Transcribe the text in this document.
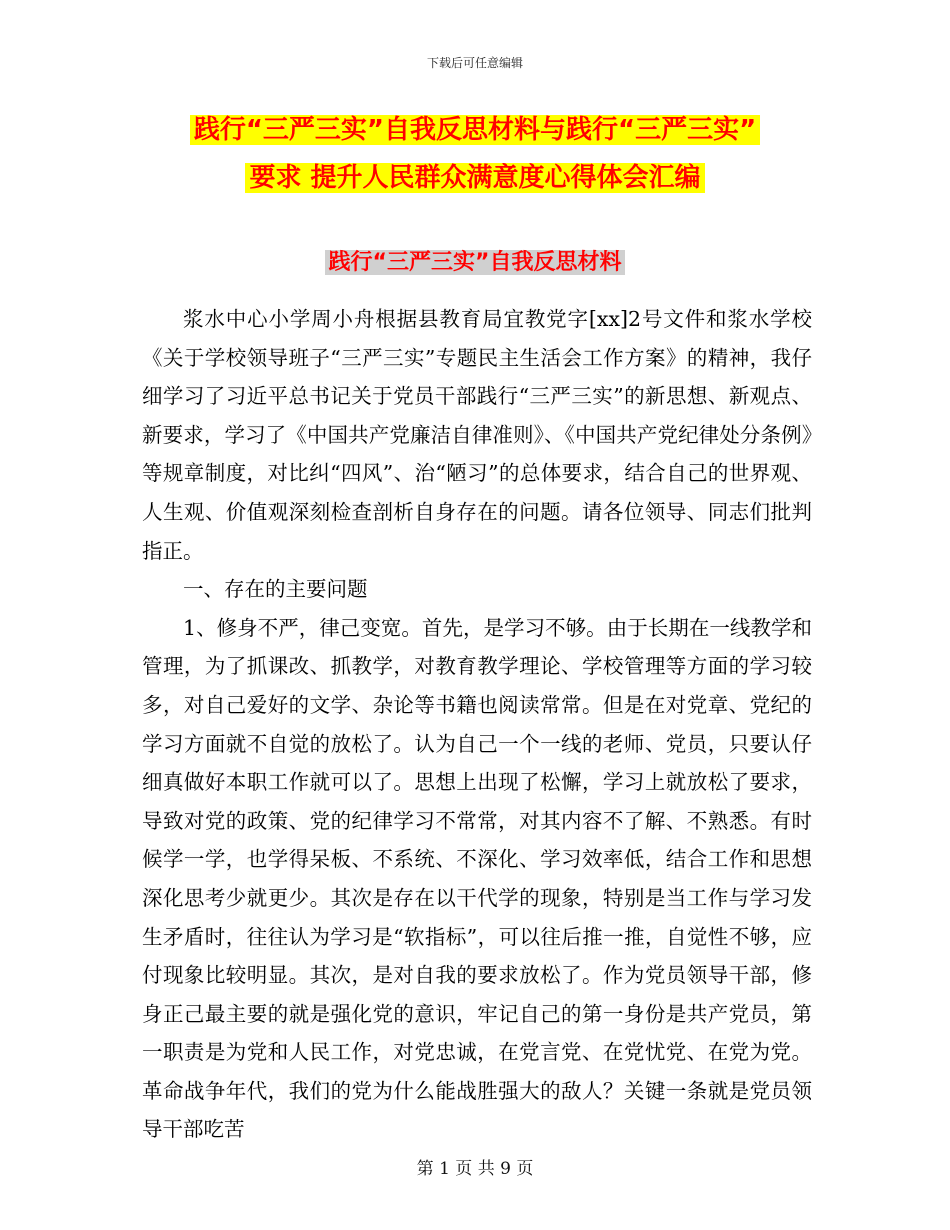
下载后可任意编辑
践行“三严三实”自我反思材料与践行“三严三实”
要求 提升人民群众满意度心得体会汇编
践行“三严三实”自我反思材料

浆水中心小学周小舟根据县教育局宜教党字[xx]2号文件和浆水学校《关于学校领导班子“三严三实”专题民主生活会工作方案》的精神，我仔细学习了习近平总书记关于党员干部践行“三严三实”的新思想、新观点、新要求，学习了《中国共产党廉洁自律准则》、《中国共产党纪律处分条例》等规章制度，对比纠“四风”、治“陋习”的总体要求，结合自己的世界观、人生观、价值观深刻检查剖析自身存在的问题。请各位领导、同志们批判指正。

一、存在的主要问题

1、修身不严，律己变宽。首先，是学习不够。由于长期在一线教学和管理，为了抓课改、抓教学，对教育教学理论、学校管理等方面的学习较多，对自己爱好的文学、杂论等书籍也阅读常常。但是在对党章、党纪的学习方面就不自觉的放松了。认为自己一个一线的老师、党员，只要认仔细真做好本职工作就可以了。思想上出现了松懈，学习上就放松了要求，导致对党的政策、党的纪律学习不常常，对其内容不了解、不熟悉。有时候学一学，也学得呆板、不系统、不深化、学习效率低，结合工作和思想深化思考少就更少。其次是存在以干代学的现象，特别是当工作与学习发生矛盾时，往往认为学习是“软指标”，可以往后推一推，自觉性不够，应付现象比较明显。其次，是对自我的要求放松了。作为党员领导干部，修身正己最主要的就是强化党的意识，牢记自己的第一身份是共产党员，第一职责是为党和人民工作，对党忠诚，在党言党、在党忧党、在党为党。革命战争年代，我们的党为什么能战胜强大的敌人？关键一条就是党员领导干部吃苦

第 1 页 共 9 页
